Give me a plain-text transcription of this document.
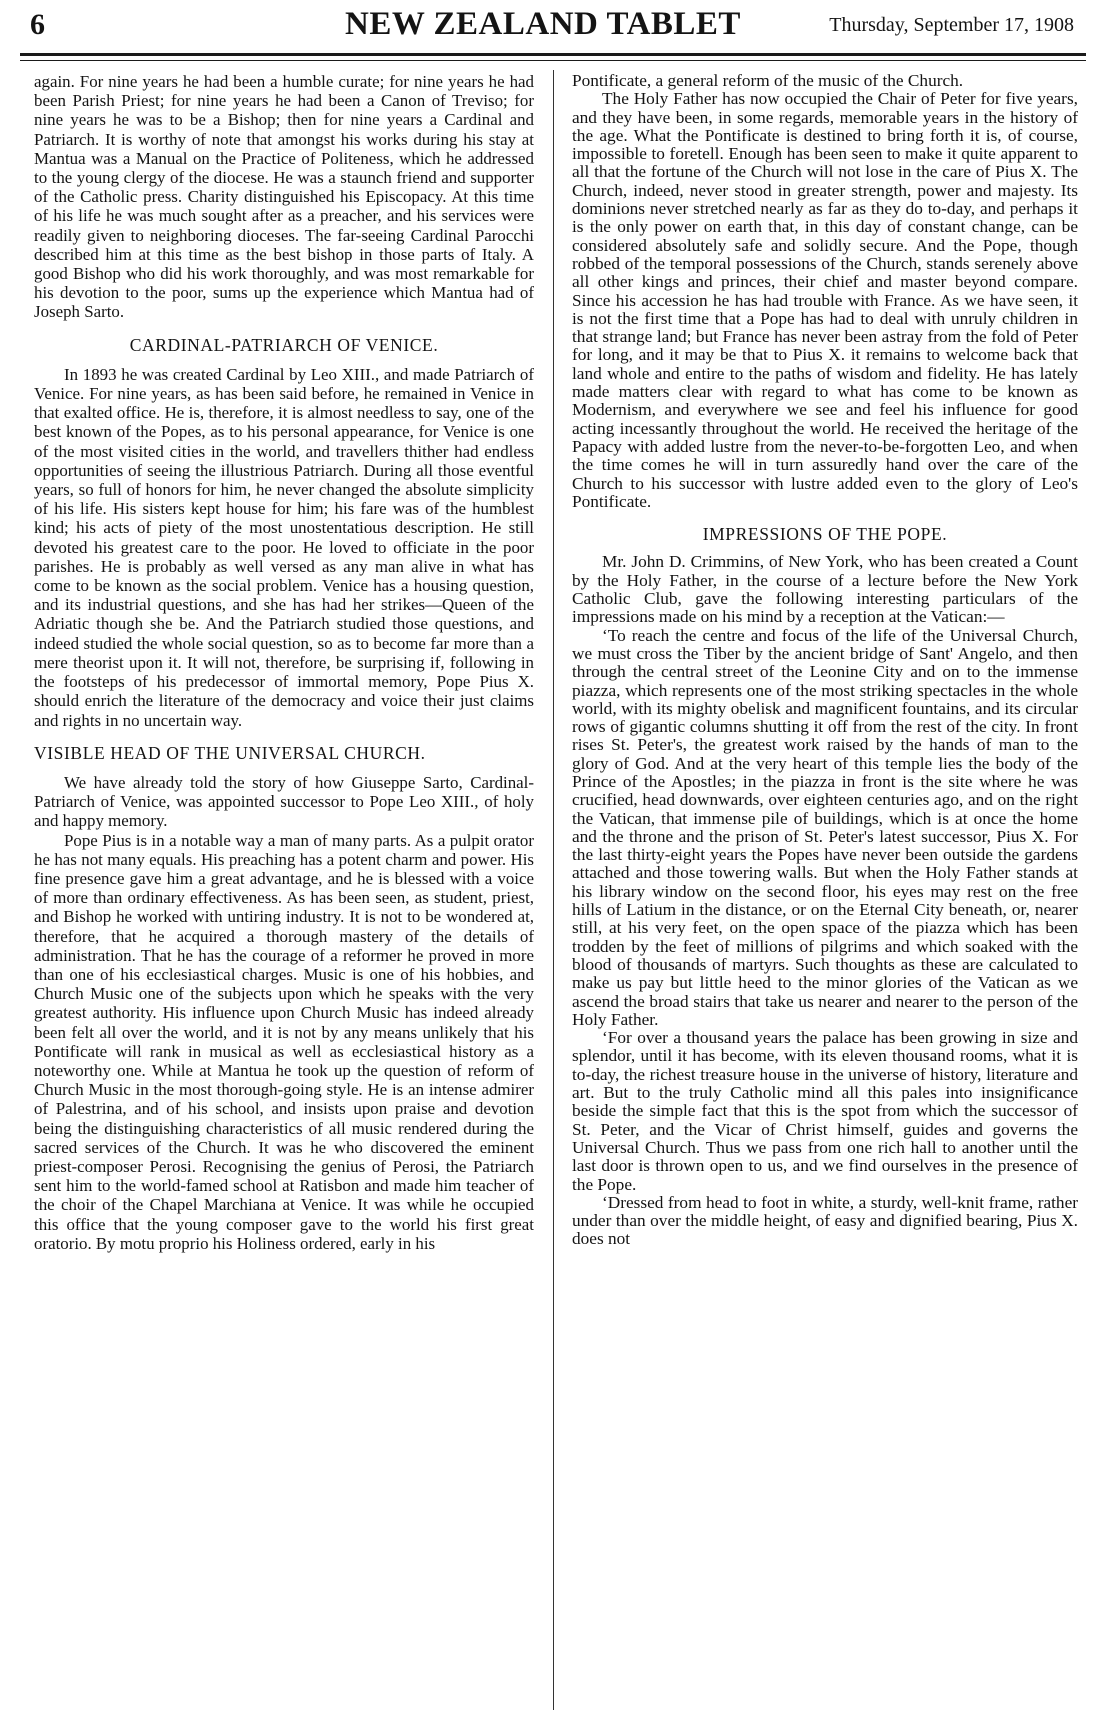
6	NEW ZEALAND TABLET	Thursday, September 17, 1908

again. For nine years he had been a humble curate; for nine years he had been Parish Priest; for nine years he had been a Canon of Treviso; for nine years he was to be a Bishop; then for nine years a Cardinal and Patriarch. It is worthy of note that amongst his works during his stay at Mantua was a Manual on the Practice of Politeness, which he addressed to the young clergy of the diocese. He was a staunch friend and supporter of the Catholic press. Charity distinguished his Episcopacy. At this time of his life he was much sought after as a preacher, and his services were readily given to neighboring dioceses. The far-seeing Cardinal Parocchi described him at this time as the best bishop in those parts of Italy. A good Bishop who did his work thoroughly, and was most remarkable for his devotion to the poor, sums up the experience which Mantua had of Joseph Sarto.

CARDINAL-PATRIARCH OF VENICE.

In 1893 he was created Cardinal by Leo XIII., and made Patriarch of Venice. For nine years, as has been said before, he remained in Venice in that exalted office. He is, therefore, it is almost needless to say, one of the best known of the Popes, as to his personal appearance, for Venice is one of the most visited cities in the world, and travellers thither had endless opportunities of seeing the illustrious Patriarch. During all those eventful years, so full of honors for him, he never changed the absolute simplicity of his life. His sisters kept house for him; his fare was of the humblest kind; his acts of piety of the most unostentatious description. He still devoted his greatest care to the poor. He loved to officiate in the poor parishes. He is probably as well versed as any man alive in what has come to be known as the social problem. Venice has a housing question, and its industrial questions, and she has had her strikes—Queen of the Adriatic though she be. And the Patriarch studied those questions, and indeed studied the whole social question, so as to become far more than a mere theorist upon it. It will not, therefore, be surprising if, following in the footsteps of his predecessor of immortal memory, Pope Pius X. should enrich the literature of the democracy and voice their just claims and rights in no uncertain way.

VISIBLE HEAD OF THE UNIVERSAL CHURCH.

We have already told the story of how Giuseppe Sarto, Cardinal-Patriarch of Venice, was appointed successor to Pope Leo XIII., of holy and happy memory.

Pope Pius is in a notable way a man of many parts. As a pulpit orator he has not many equals. His preaching has a potent charm and power. His fine presence gave him a great advantage, and he is blessed with a voice of more than ordinary effectiveness. As has been seen, as student, priest, and Bishop he worked with untiring industry. It is not to be wondered at, therefore, that he acquired a thorough mastery of the details of administration. That he has the courage of a reformer he proved in more than one of his ecclesiastical charges. Music is one of his hobbies, and Church Music one of the subjects upon which he speaks with the very greatest authority. His influence upon Church Music has indeed already been felt all over the world, and it is not by any means unlikely that his Pontificate will rank in musical as well as ecclesiastical history as a noteworthy one. While at Mantua he took up the question of reform of Church Music in the most thorough-going style. He is an intense admirer of Palestrina, and of his school, and insists upon praise and devotion being the distinguishing characteristics of all music rendered during the sacred services of the Church. It was he who discovered the eminent priest-composer Perosi. Recognising the genius of Perosi, the Patriarch sent him to the world-famed school at Ratisbon and made him teacher of the choir of the Chapel Marchiana at Venice. It was while he occupied this office that the young composer gave to the world his first great oratorio. By motu proprio his Holiness ordered, early in his

Pontificate, a general reform of the music of the Church.

The Holy Father has now occupied the Chair of Peter for five years, and they have been, in some regards, memorable years in the history of the age. What the Pontificate is destined to bring forth it is, of course, impossible to foretell. Enough has been seen to make it quite apparent to all that the fortune of the Church will not lose in the care of Pius X. The Church, indeed, never stood in greater strength, power and majesty. Its dominions never stretched nearly as far as they do to-day, and perhaps it is the only power on earth that, in this day of constant change, can be considered absolutely safe and solidly secure. And the Pope, though robbed of the temporal possessions of the Church, stands serenely above all other kings and princes, their chief and master beyond compare. Since his accession he has had trouble with France. As we have seen, it is not the first time that a Pope has had to deal with unruly children in that strange land; but France has never been astray from the fold of Peter for long, and it may be that to Pius X. it remains to welcome back that land whole and entire to the paths of wisdom and fidelity. He has lately made matters clear with regard to what has come to be known as Modernism, and everywhere we see and feel his influence for good acting incessantly throughout the world. He received the heritage of the Papacy with added lustre from the never-to-be-forgotten Leo, and when the time comes he will in turn assuredly hand over the care of the Church to his successor with lustre added even to the glory of Leo's Pontificate.

IMPRESSIONS OF THE POPE.

Mr. John D. Crimmins, of New York, who has been created a Count by the Holy Father, in the course of a lecture before the New York Catholic Club, gave the following interesting particulars of the impressions made on his mind by a reception at the Vatican:—

‘To reach the centre and focus of the life of the Universal Church, we must cross the Tiber by the ancient bridge of Sant' Angelo, and then through the central street of the Leonine City and on to the immense piazza, which represents one of the most striking spectacles in the whole world, with its mighty obelisk and magnificent fountains, and its circular rows of gigantic columns shutting it off from the rest of the city. In front rises St. Peter's, the greatest work raised by the hands of man to the glory of God. And at the very heart of this temple lies the body of the Prince of the Apostles; in the piazza in front is the site where he was crucified, head downwards, over eighteen centuries ago, and on the right the Vatican, that immense pile of buildings, which is at once the home and the throne and the prison of St. Peter's latest successor, Pius X. For the last thirty-eight years the Popes have never been outside the gardens attached and those towering walls. But when the Holy Father stands at his library window on the second floor, his eyes may rest on the free hills of Latium in the distance, or on the Eternal City beneath, or, nearer still, at his very feet, on the open space of the piazza which has been trodden by the feet of millions of pilgrims and which soaked with the blood of thousands of martyrs. Such thoughts as these are calculated to make us pay but little heed to the minor glories of the Vatican as we ascend the broad stairs that take us nearer and nearer to the person of the Holy Father.

‘For over a thousand years the palace has been growing in size and splendor, until it has become, with its eleven thousand rooms, what it is to-day, the richest treasure house in the universe of history, literature and art. But to the truly Catholic mind all this pales into insignificance beside the simple fact that this is the spot from which the successor of St. Peter, and the Vicar of Christ himself, guides and governs the Universal Church. Thus we pass from one rich hall to another until the last door is thrown open to us, and we find ourselves in the presence of the Pope.

‘Dressed from head to foot in white, a sturdy, well-knit frame, rather under than over the middle height, of easy and dignified bearing, Pius X. does not
